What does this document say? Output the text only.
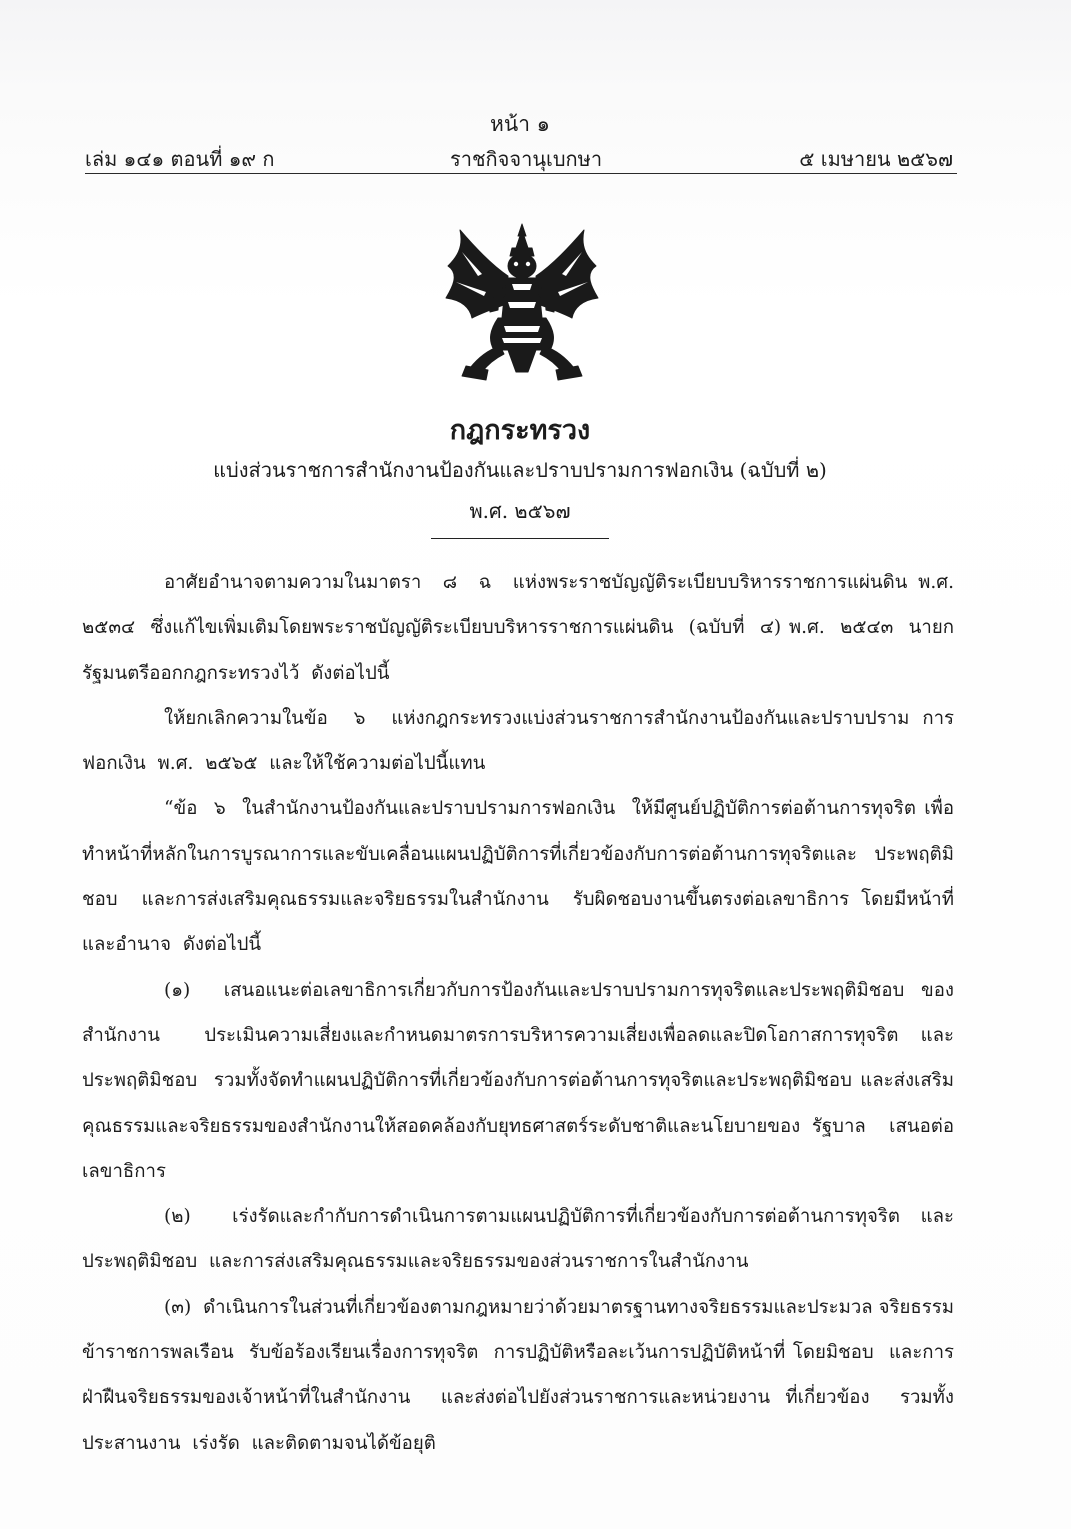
หน้า ๑
เล่ม ๑๔๑ ตอนที่ ๑๙ ก	ราชกิจจานุเบกษา	๕ เมษายน ๒๕๖๗
กฎกระทรวง
แบ่งส่วนราชการสำนักงานป้องกันและปราบปรามการฟอกเงิน (ฉบับที่ ๒)
พ.ศ. ๒๕๖๗

อาศัยอำนาจตามความในมาตรา  ๘  ฉ  แห่งพระราชบัญญัติระเบียบบริหารราชการแผ่นดิน พ.ศ.  ๒๕๓๔  ซึ่งแก้ไขเพิ่มเติมโดยพระราชบัญญัติระเบียบบริหารราชการแผ่นดิน  (ฉบับที่  ๔) พ.ศ.  ๒๕๔๓  นายกรัฐมนตรีออกกฎกระทรวงไว้  ดังต่อไปนี้

ให้ยกเลิกความในข้อ  ๖  แห่งกฎกระทรวงแบ่งส่วนราชการสำนักงานป้องกันและปราบปราม การฟอกเงิน  พ.ศ.  ๒๕๖๕  และให้ใช้ความต่อไปนี้แทน

“ข้อ  ๖  ในสำนักงานป้องกันและปราบปรามการฟอกเงิน  ให้มีศูนย์ปฏิบัติการต่อต้านการทุจริต เพื่อทำหน้าที่หลักในการบูรณาการและขับเคลื่อนแผนปฏิบัติการที่เกี่ยวข้องกับการต่อต้านการทุจริตและ ประพฤติมิชอบ  และการส่งเสริมคุณธรรมและจริยธรรมในสำนักงาน  รับผิดชอบงานขึ้นตรงต่อเลขาธิการ โดยมีหน้าที่และอำนาจ  ดังต่อไปนี้

(๑)  เสนอแนะต่อเลขาธิการเกี่ยวกับการป้องกันและปราบปรามการทุจริตและประพฤติมิชอบ ของสำนักงาน  ประเมินความเสี่ยงและกำหนดมาตรการบริหารความเสี่ยงเพื่อลดและปิดโอกาสการทุจริต และประพฤติมิชอบ  รวมทั้งจัดทำแผนปฏิบัติการที่เกี่ยวข้องกับการต่อต้านการทุจริตและประพฤติมิชอบ และส่งเสริมคุณธรรมและจริยธรรมของสำนักงานให้สอดคล้องกับยุทธศาสตร์ระดับชาติและนโยบายของ รัฐบาล  เสนอต่อเลขาธิการ

(๒)  เร่งรัดและกำกับการดำเนินการตามแผนปฏิบัติการที่เกี่ยวข้องกับการต่อต้านการทุจริต และประพฤติมิชอบ  และการส่งเสริมคุณธรรมและจริยธรรมของส่วนราชการในสำนักงาน

(๓)  ดำเนินการในส่วนที่เกี่ยวข้องตามกฎหมายว่าด้วยมาตรฐานทางจริยธรรมและประมวล จริยธรรมข้าราชการพลเรือน  รับข้อร้องเรียนเรื่องการทุจริต  การปฏิบัติหรือละเว้นการปฏิบัติหน้าที่ โดยมิชอบ  และการฝ่าฝืนจริยธรรมของเจ้าหน้าที่ในสำนักงาน  และส่งต่อไปยังส่วนราชการและหน่วยงาน ที่เกี่ยวข้อง  รวมทั้งประสานงาน  เร่งรัด  และติดตามจนได้ข้อยุติ
